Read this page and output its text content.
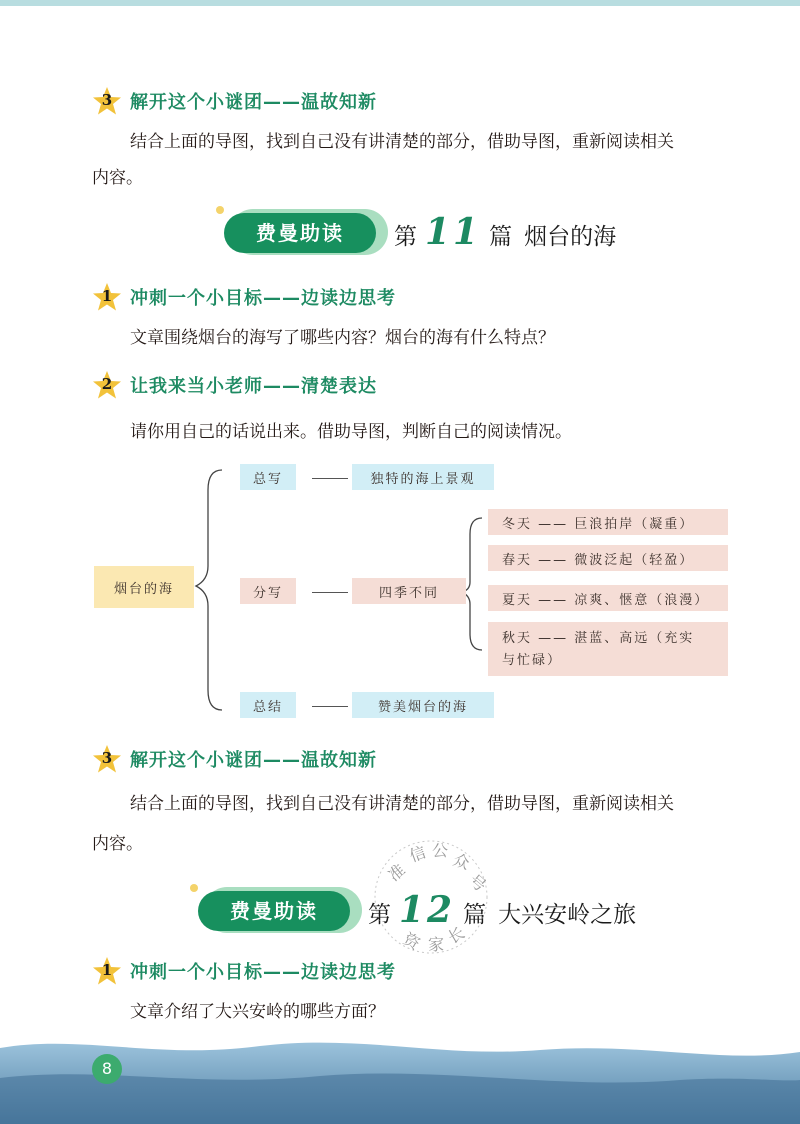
3 解开这个小谜团——温故知新
结合上面的导图，找到自己没有讲清楚的部分，借助导图，重新阅读相关
内容。
费曼助读	第 11 篇 烟台的海
1 冲刺一个小目标——边读边思考
文章围绕烟台的海写了哪些内容？烟台的海有什么特点？
2 让我来当小老师——清楚表达
请你用自己的话说出来。借助导图，判断自己的阅读情况。
烟台的海
总写	独特的海上景观
分写	四季不同
冬天 —— 巨浪拍岸（凝重）
春天 —— 微波泛起（轻盈）
夏天 —— 凉爽、惬意（浪漫）
秋天 —— 湛蓝、高远（充实
与忙碌）
总结	赞美烟台的海
3 解开这个小谜团——温故知新
结合上面的导图，找到自己没有讲清楚的部分，借助导图，重新阅读相关
内容。
费曼助读	第 12 篇 大兴安岭之旅
准
信 公 众
号
资 家 长
1 冲刺一个小目标——边读边思考
文章介绍了大兴安岭的哪些方面？
8
